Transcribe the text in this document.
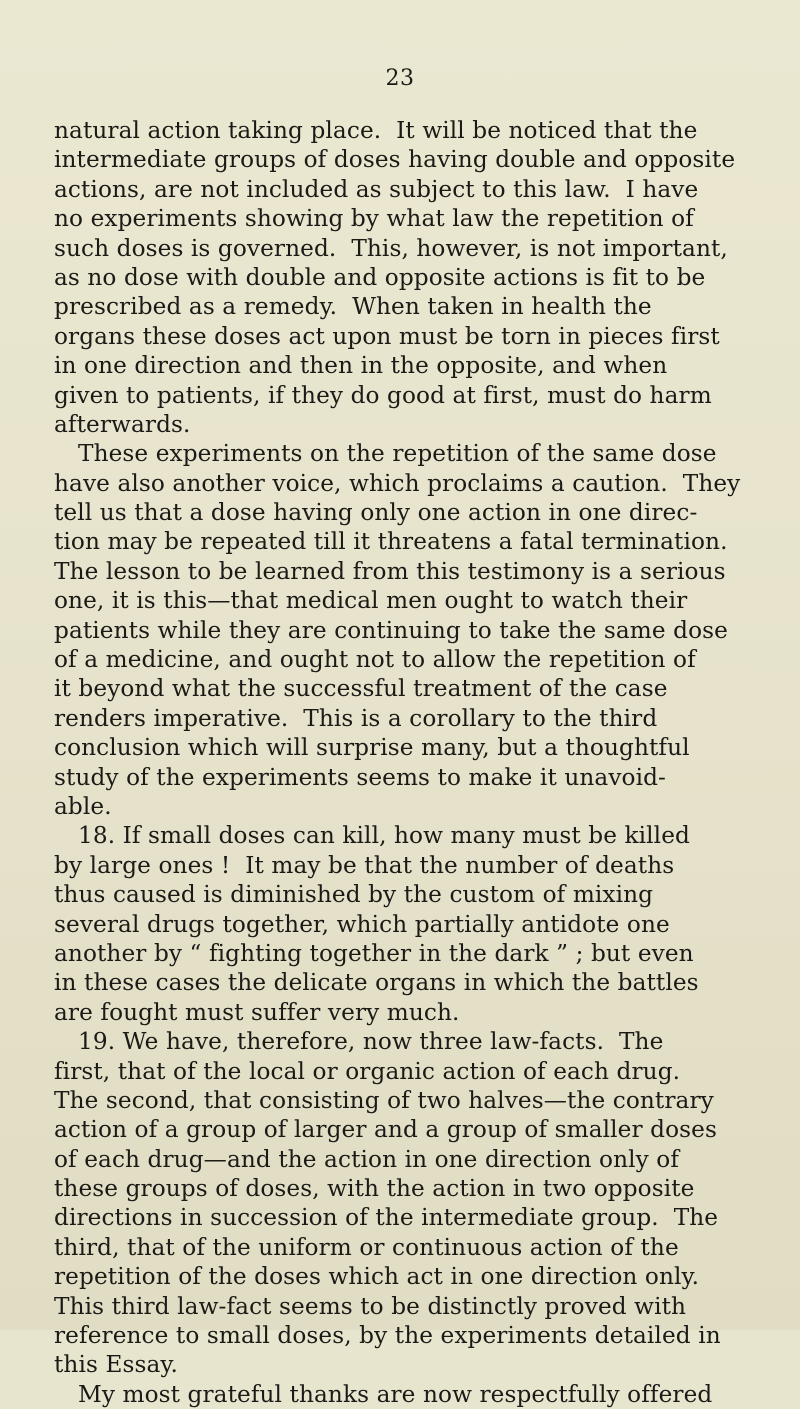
23
natural action taking place.  It will be noticed that the
intermediate groups of doses having double and opposite
actions, are not included as subject to this law.  I have
no experiments showing by what law the repetition of
such doses is governed.  This, however, is not important,
as no dose with double and opposite actions is fit to be
prescribed as a remedy.  When taken in health the
organs these doses act upon must be torn in pieces first
in one direction and then in the opposite, and when
given to patients, if they do good at first, must do harm
afterwards.
These experiments on the repetition of the same dose
have also another voice, which proclaims a caution.  They
tell us that a dose having only one action in one direc-
tion may be repeated till it threatens a fatal termination.
The lesson to be learned from this testimony is a serious
one, it is this—that medical men ought to watch their
patients while they are continuing to take the same dose
of a medicine, and ought not to allow the repetition of
it beyond what the successful treatment of the case
renders imperative.  This is a corollary to the third
conclusion which will surprise many, but a thoughtful
study of the experiments seems to make it unavoid-
able.
18. If small doses can kill, how many must be killed
by large ones !  It may be that the number of deaths
thus caused is diminished by the custom of mixing
several drugs together, which partially antidote one
another by “ fighting together in the dark ” ; but even
in these cases the delicate organs in which the battles
are fought must suffer very much.
19. We have, therefore, now three law-facts.  The
first, that of the local or organic action of each drug.
The second, that consisting of two halves—the contrary
action of a group of larger and a group of smaller doses
of each drug—and the action in one direction only of
these groups of doses, with the action in two opposite
directions in succession of the intermediate group.  The
third, that of the uniform or continuous action of the
repetition of the doses which act in one direction only.
This third law-fact seems to be distinctly proved with
reference to small doses, by the experiments detailed in
this Essay.
My most grateful thanks are now respectfully offered
